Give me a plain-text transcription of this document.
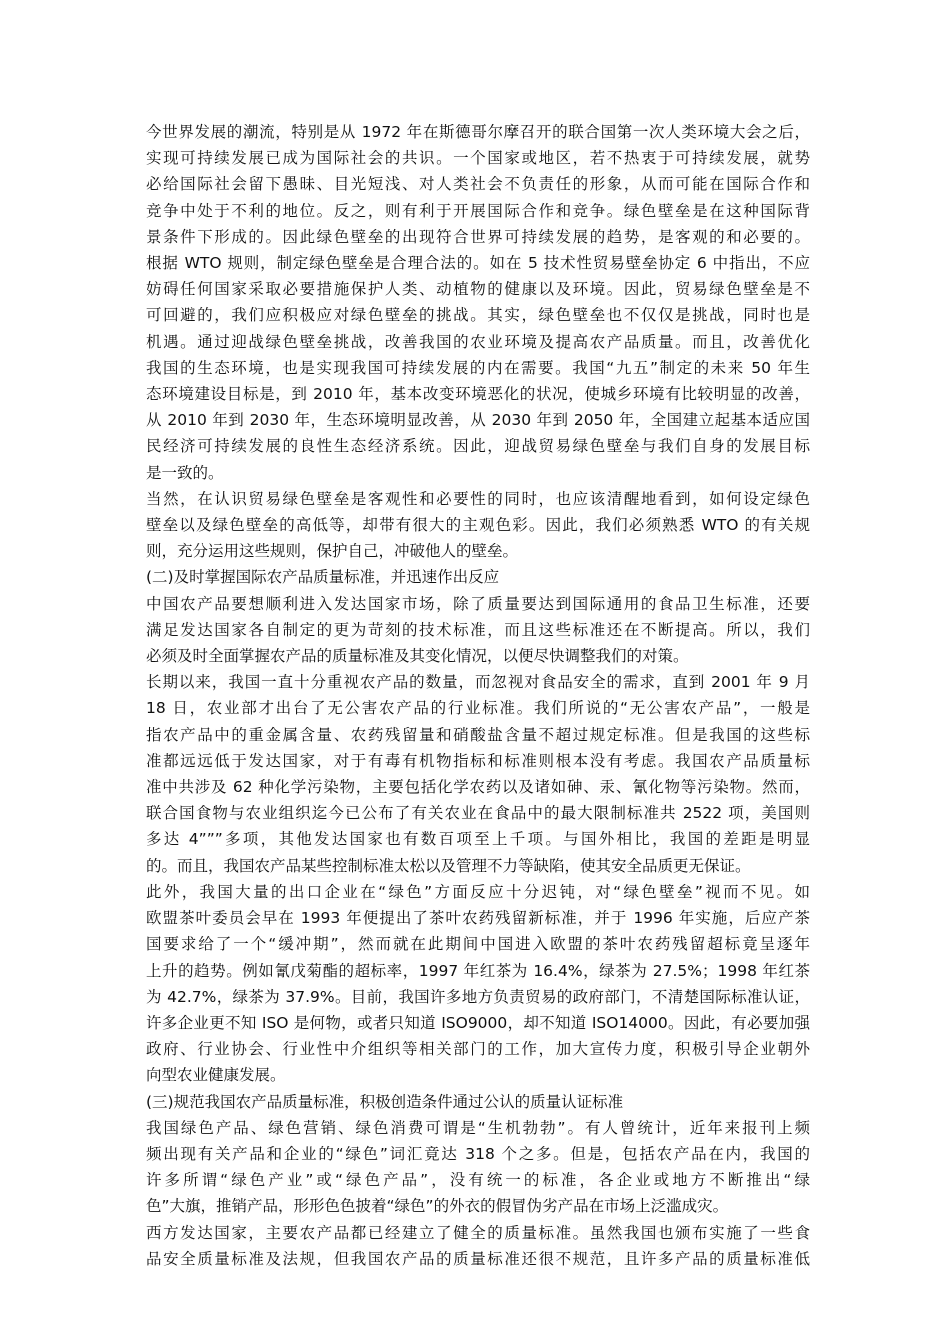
今世界发展的潮流，特别是从 1972 年在斯德哥尔摩召开的联合国第一次人类环境大会之后，
实现可持续发展已成为国际社会的共识。一个国家或地区，若不热衷于可持续发展，就势
必给国际社会留下愚昧、目光短浅、对人类社会不负责任的形象，从而可能在国际合作和
竞争中处于不利的地位。反之，则有利于开展国际合作和竞争。绿色壁垒是在这种国际背
景条件下形成的。因此绿色壁垒的出现符合世界可持续发展的趋势，是客观的和必要的。
根据 WTO 规则，制定绿色壁垒是合理合法的。如在 5 技术性贸易壁垒协定 6 中指出，不应
妨碍任何国家采取必要措施保护人类、动植物的健康以及环境。因此，贸易绿色壁垒是不
可回避的，我们应积极应对绿色壁垒的挑战。其实，绿色壁垒也不仅仅是挑战，同时也是
机遇。通过迎战绿色壁垒挑战，改善我国的农业环境及提高农产品质量。而且，改善优化
我国的生态环境，也是实现我国可持续发展的内在需要。我国“九五”制定的未来 50 年生
态环境建设目标是，到 2010 年，基本改变环境恶化的状况，使城乡环境有比较明显的改善，
从 2010 年到 2030 年，生态环境明显改善，从 2030 年到 2050 年，全国建立起基本适应国
民经济可持续发展的良性生态经济系统。因此，迎战贸易绿色壁垒与我们自身的发展目标
是一致的。
当然，在认识贸易绿色壁垒是客观性和必要性的同时，也应该清醒地看到，如何设定绿色
壁垒以及绿色壁垒的高低等，却带有很大的主观色彩。因此，我们必须熟悉 WTO 的有关规
则，充分运用这些规则，保护自己，冲破他人的壁垒。
(二)及时掌握国际农产品质量标准，并迅速作出反应
中国农产品要想顺利进入发达国家市场，除了质量要达到国际通用的食品卫生标准，还要
满足发达国家各自制定的更为苛刻的技术标准，而且这些标准还在不断提高。所以，我们
必须及时全面掌握农产品的质量标准及其变化情况，以便尽快调整我们的对策。
长期以来，我国一直十分重视农产品的数量，而忽视对食品安全的需求，直到 2001 年 9 月
18 日，农业部才出台了无公害农产品的行业标准。我们所说的“无公害农产品”，一般是
指农产品中的重金属含量、农药残留量和硝酸盐含量不超过规定标准。但是我国的这些标
准都远远低于发达国家，对于有毒有机物指标和标准则根本没有考虑。我国农产品质量标
准中共涉及 62 种化学污染物，主要包括化学农药以及诸如砷、汞、氰化物等污染物。然而，
联合国食物与农业组织迄今已公布了有关农业在食品中的最大限制标准共 2522 项，美国则
多达 4”””多项，其他发达国家也有数百项至上千项。与国外相比，我国的差距是明显
的。而且，我国农产品某些控制标准太松以及管理不力等缺陷，使其安全品质更无保证。
此外，我国大量的出口企业在“绿色”方面反应十分迟钝，对“绿色壁垒”视而不见。如
欧盟茶叶委员会早在 1993 年便提出了茶叶农药残留新标准，并于 1996 年实施，后应产茶
国要求给了一个“缓冲期”，然而就在此期间中国进入欧盟的茶叶农药残留超标竟呈逐年
上升的趋势。例如氰戊菊酯的超标率，1997 年红茶为 16.4%，绿茶为 27.5%；1998 年红茶
为 42.7%，绿茶为 37.9%。目前，我国许多地方负责贸易的政府部门，不清楚国际标准认证，
许多企业更不知 ISO 是何物，或者只知道 ISO9000，却不知道 ISO14000。因此，有必要加强
政府、行业协会、行业性中介组织等相关部门的工作，加大宣传力度，积极引导企业朝外
向型农业健康发展。
(三)规范我国农产品质量标准，积极创造条件通过公认的质量认证标准
我国绿色产品、绿色营销、绿色消费可谓是“生机勃勃”。有人曾统计，近年来报刊上频
频出现有关产品和企业的“绿色”词汇竟达 318 个之多。但是，包括农产品在内，我国的
许多所谓“绿色产业”或“绿色产品”，没有统一的标准，各企业或地方不断推出“绿
色”大旗，推销产品，形形色色披着“绿色”的外衣的假冒伪劣产品在市场上泛滥成灾。
西方发达国家，主要农产品都已经建立了健全的质量标准。虽然我国也颁布实施了一些食
品安全质量标准及法规，但我国农产品的质量标准还很不规范，且许多产品的质量标准低
